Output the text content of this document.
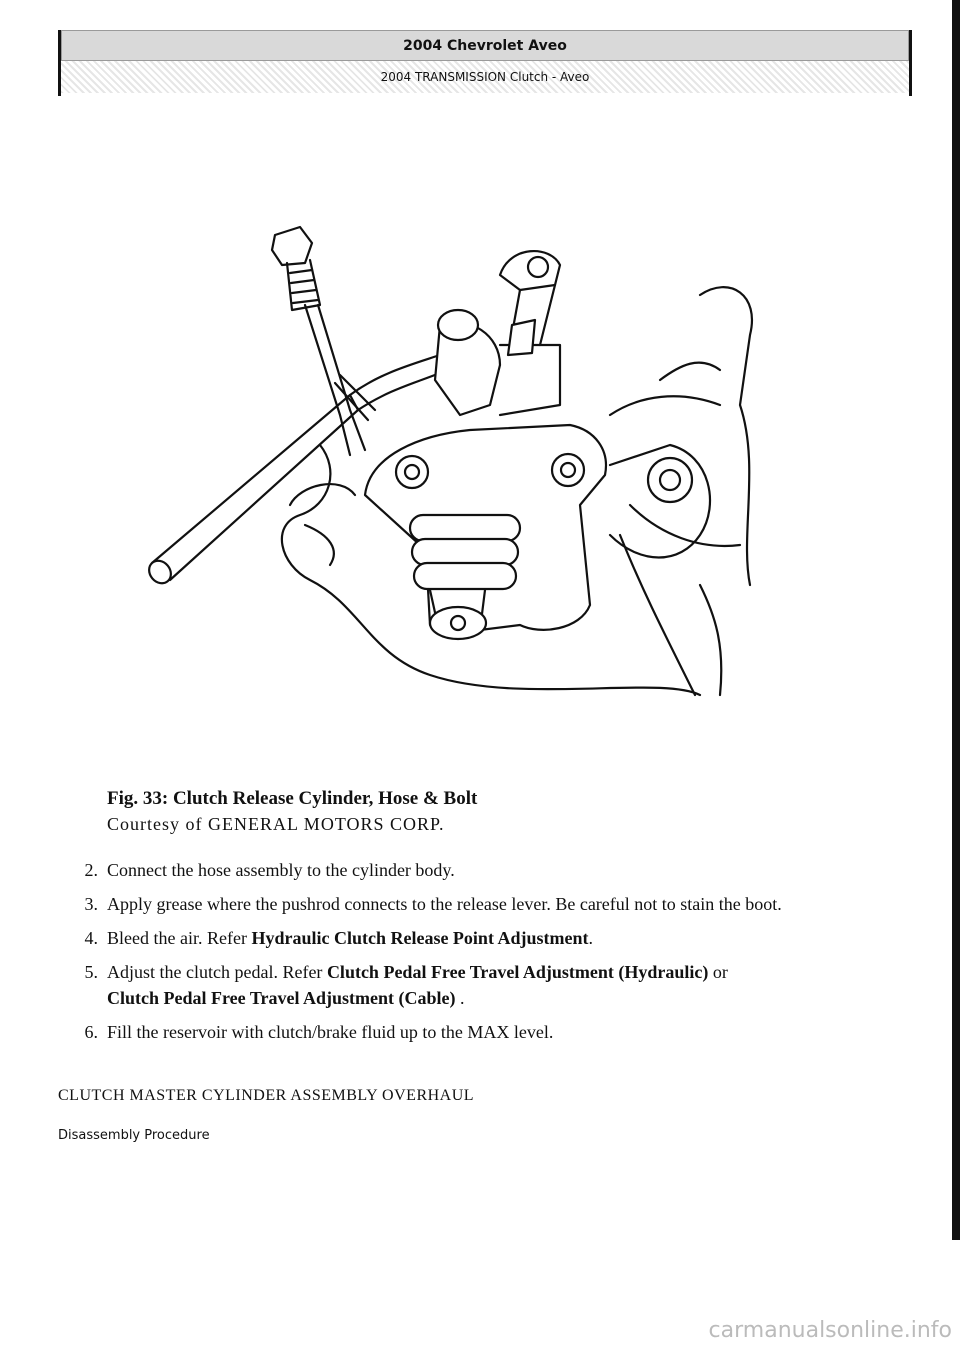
2004 Chevrolet Aveo
2004 TRANSMISSION Clutch - Aveo

Fig. 33: Clutch Release Cylinder, Hose & Bolt

Courtesy of GENERAL MOTORS CORP.

2. Connect the hose assembly to the cylinder body.
3. Apply grease where the pushrod connects to the release lever. Be careful not to stain the boot.
4. Bleed the air. Refer Hydraulic Clutch Release Point Adjustment.
5. Adjust the clutch pedal. Refer Clutch Pedal Free Travel Adjustment (Hydraulic) or
Clutch Pedal Free Travel Adjustment (Cable) .
6. Fill the reservoir with clutch/brake fluid up to the MAX level.

CLUTCH MASTER CYLINDER ASSEMBLY OVERHAUL

Disassembly Procedure

carmanualsonline.info
